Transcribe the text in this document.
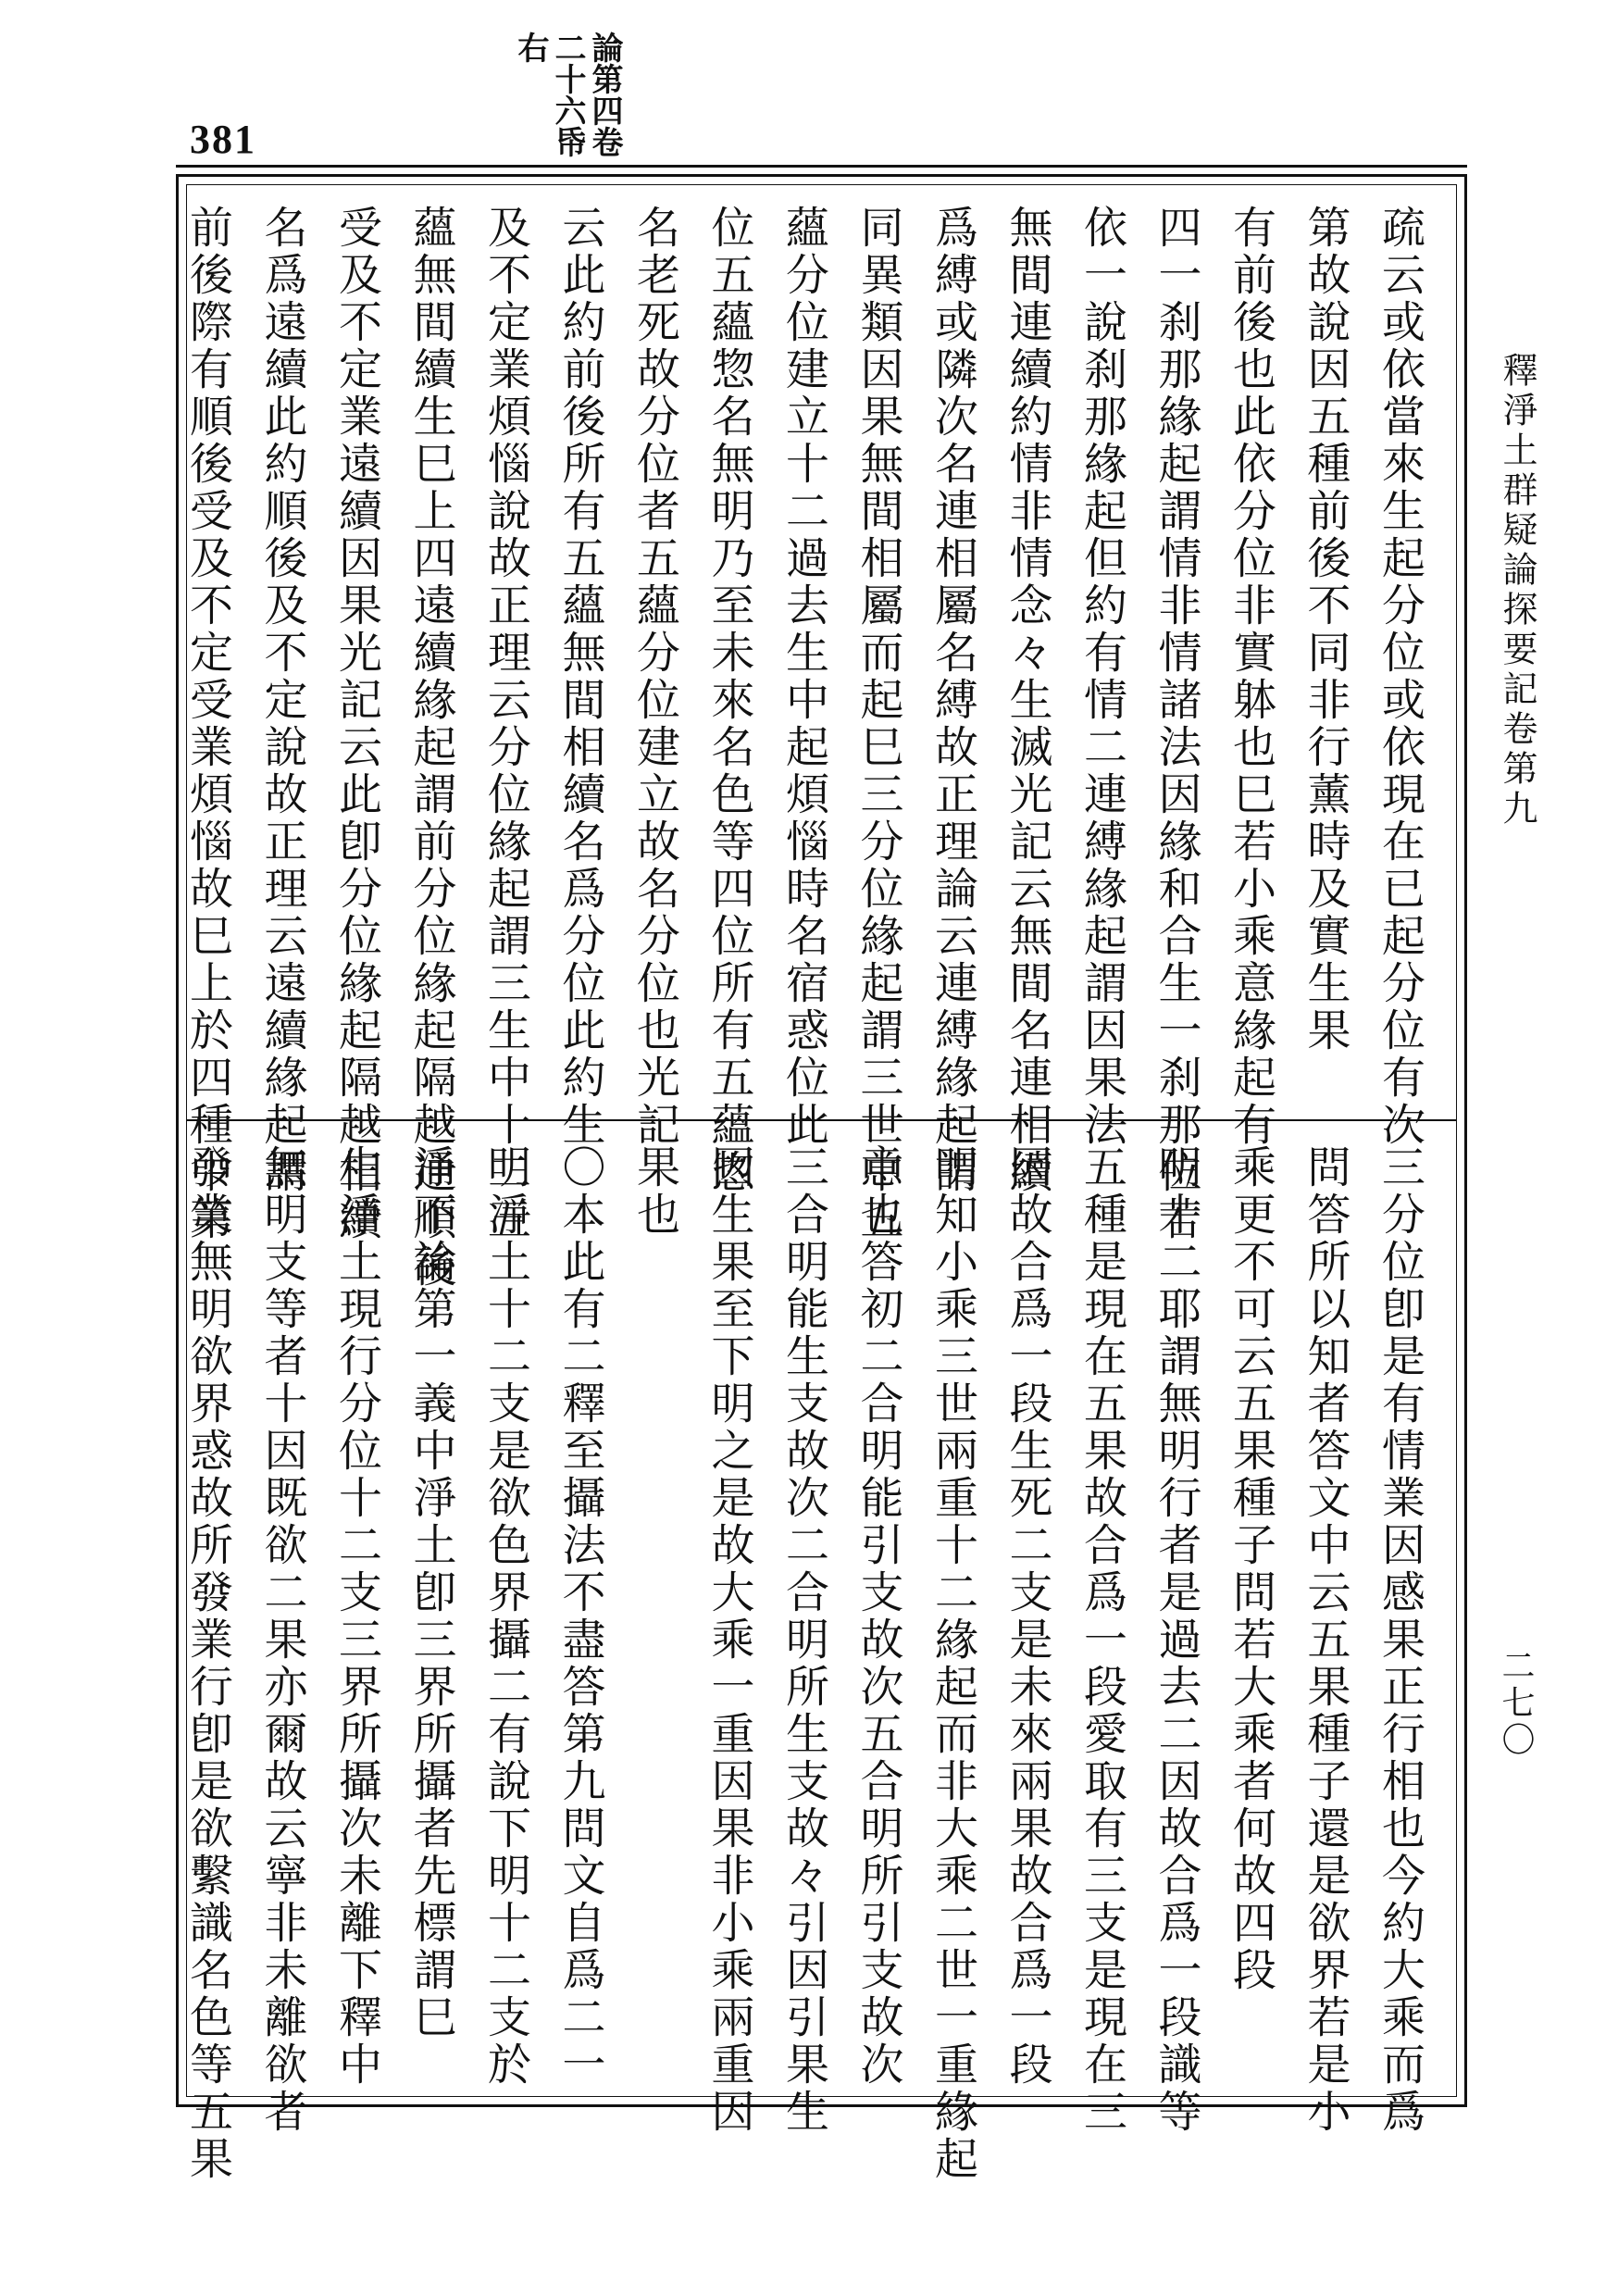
381	論第四卷
二十六帋
右
疏云或依當來生起分位或依現在已起分位有次
第故說因五種前後不同非行薰時及實生果
有前後也此依分位非實躰也巳若小乘意緣起有
四一刹那緣起謂情非情諸法因緣和合生一刹那位若
依一說刹那緣起但約有情二連縛緣起謂因果法
無間連續約情非情念々生滅光記云無間名連相續
爲縛或隣次名連相屬名縛故正理論云連縛緣起謂
同異類因果無間相屬而起巳三分位緣起謂三世中五
蘊分位建立十二過去生中起煩惱時名宿惑位此
位五蘊惣名無明乃至未來名色等四位所有五蘊惣
名老死故分位者五蘊分位建立故名分位也光記
云此約前後所有五蘊無間相續名爲分位此約生
及不定業煩惱說故正理云分位緣起謂三生中十二五
蘊無間續生巳上四遠續緣起謂前分位緣起隔越通順後
受及不定業遠續因果光記云此卽分位緣起隔越相續
名爲遠續此約順後及不定說故正理云遠續緣起謂
前後際有順後受及不定受業煩惱故巳上於四種中第
三分位卽是有情業因感果正行相也今約大乘而爲
問答所以知者答文中云五果種子還是欲界若是小
乘更不可云五果種子問若大乘者何故四段
明十二耶謂無明行者是過去二因故合爲一段識等
五種是現在五果故合爲一段愛取有三支是現在三
因故合爲一段生死二支是未來兩果故合爲一段
明知小乘三世兩重十二緣起而非大乘二世一重緣起
意也答初二合明能引支故次五合明所引支故次
三合明能生支故次二合明所生支故々引因引果生
因生果至下明之是故大乘一重因果非小乘兩重因
果也
〇本此有二釋至攝法不盡答第九問文自爲二一
明淨土十二支是欲色界攝二有說下明十二支於
淨不論第一義中淨土卽三界所攝者先標謂巳
生淨土現行分位十二支三界所攝次未離下釋中
無明支等者十因既欲二果亦爾故云寧非未離欲者
發業無明欲界惑故所發業行卽是欲繫識名色等五果
釋淨土群疑論探要記卷第九
二七〇
